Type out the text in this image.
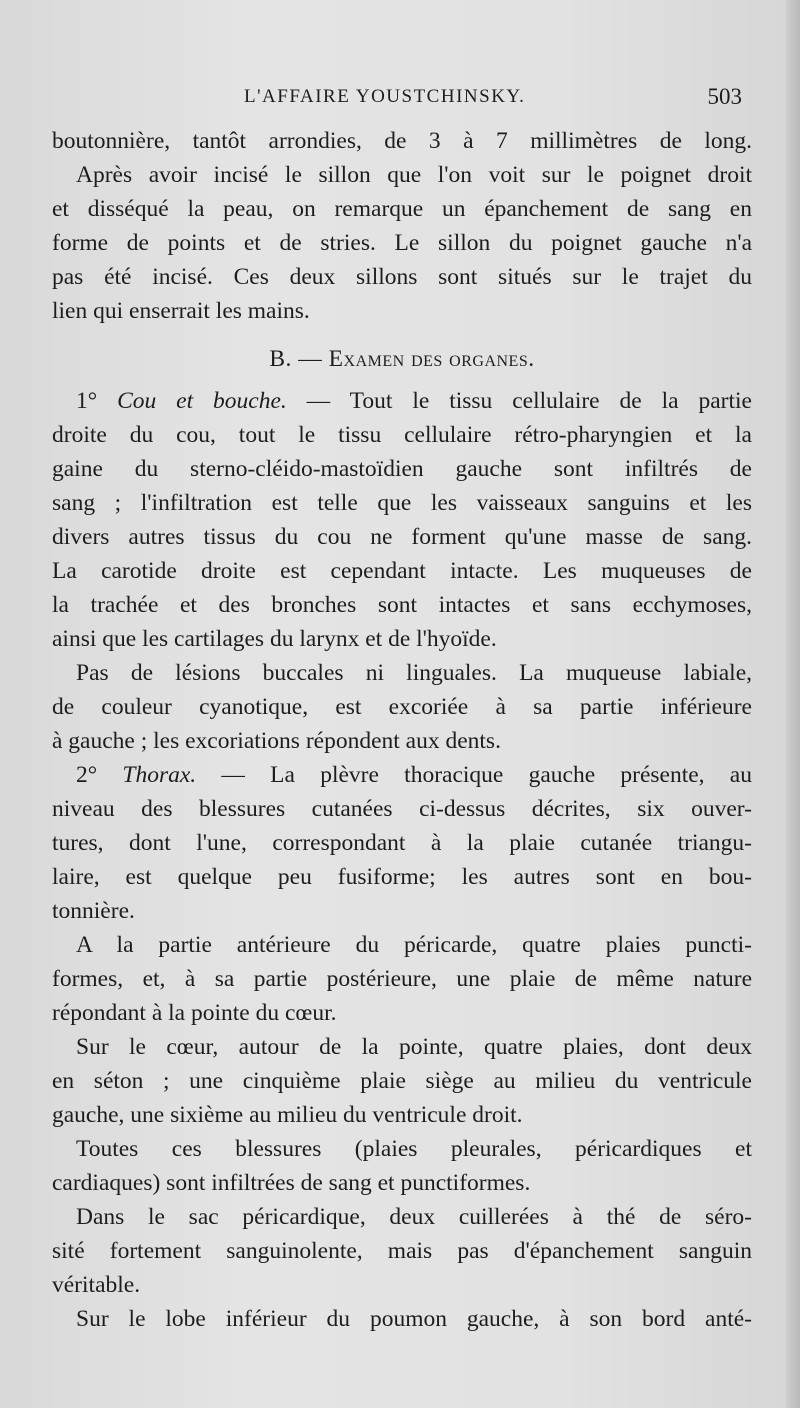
L'AFFAIRE YOUSTCHINSKY.	503
boutonnière, tantôt arrondies, de 3 à 7 millimètres de long.
Après avoir incisé le sillon que l'on voit sur le poignet droit
et disséqué la peau, on remarque un épanchement de sang en
forme de points et de stries. Le sillon du poignet gauche n'a
pas été incisé. Ces deux sillons sont situés sur le trajet du
lien qui enserrait les mains.
B. — Examen des organes.
1° Cou et bouche. — Tout le tissu cellulaire de la partie
droite du cou, tout le tissu cellulaire rétro-pharyngien et la
gaine du sterno-cléido-mastoïdien gauche sont infiltrés de
sang ; l'infiltration est telle que les vaisseaux sanguins et les
divers autres tissus du cou ne forment qu'une masse de sang.
La carotide droite est cependant intacte. Les muqueuses de
la trachée et des bronches sont intactes et sans ecchymoses,
ainsi que les cartilages du larynx et de l'hyoïde.
Pas de lésions buccales ni linguales. La muqueuse labiale,
de couleur cyanotique, est excoriée à sa partie inférieure
à gauche ; les excoriations répondent aux dents.
2° Thorax. — La plèvre thoracique gauche présente, au
niveau des blessures cutanées ci-dessus décrites, six ouver-
tures, dont l'une, correspondant à la plaie cutanée triangu-
laire, est quelque peu fusiforme; les autres sont en bou-
tonnière.
A la partie antérieure du péricarde, quatre plaies puncti-
formes, et, à sa partie postérieure, une plaie de même nature
répondant à la pointe du cœur.
Sur le cœur, autour de la pointe, quatre plaies, dont deux
en séton ; une cinquième plaie siège au milieu du ventricule
gauche, une sixième au milieu du ventricule droit.
Toutes ces blessures (plaies pleurales, péricardiques et
cardiaques) sont infiltrées de sang et punctiformes.
Dans le sac péricardique, deux cuillerées à thé de séro-
sité fortement sanguinolente, mais pas d'épanchement sanguin
véritable.
Sur le lobe inférieur du poumon gauche, à son bord anté-
